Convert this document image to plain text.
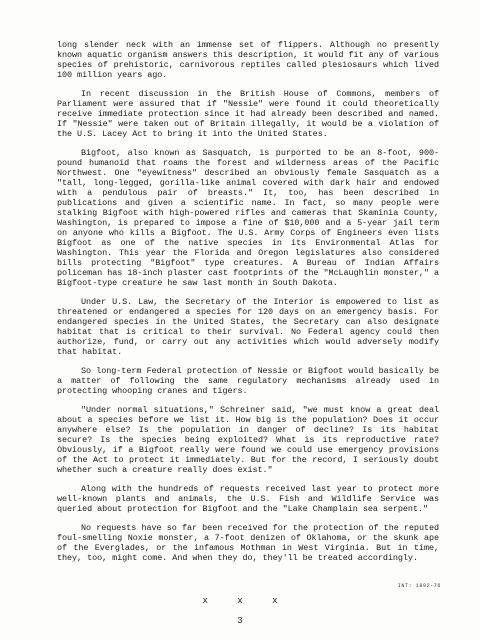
long slender neck with an immense set of flippers. Although no presently known aquatic organism answers this description, it would fit any of various species of prehistoric, carnivorous reptiles called plesiosaurs which lived 100 million years ago.

In recent discussion in the British House of Commons, members of Parliament were assured that if "Nessie" were found it could theoretically receive immediate protection since it had already been described and named. If "Nessie" were taken out of Britain illegally, it would be a violation of the U.S. Lacey Act to bring it into the United States.

Bigfoot, also known as Sasquatch, is purported to be an 8-foot, 900-pound humanoid that roams the forest and wilderness areas of the Pacific Northwest. One "eyewitness" described an obviously female Sasquatch as a "tall, long-legged, gorilla-like animal covered with dark hair and endowed with a pendulous pair of breasts." It, too, has been described in publications and given a scientific name. In fact, so many people were stalking Bigfoot with high-powered rifles and cameras that Skaminia County, Washington, is prepared to impose a fine of $10,000 and a 5-year jail term on anyone who kills a Bigfoot. The U.S. Army Corps of Engineers even lists Bigfoot as one of the native species in its Environmental Atlas for Washington. This year the Florida and Oregon legislatures also considered bills protecting "Bigfoot" type creatures. A Bureau of Indian Affairs policeman has 18-inch plaster cast footprints of the "McLaughlin monster," a Bigfoot-type creature he saw last month in South Dakota.

Under U.S. Law, the Secretary of the Interior is empowered to list as threatened or endangered a species for 120 days on an emergency basis. For endangered species in the United States, the Secretary can also designate habitat that is critical to their survival. No Federal agency could then authorize, fund, or carry out any activities which would adversely modify that habitat.

So long-term Federal protection of Nessie or Bigfoot would basically be a matter of following the same regulatory mechanisms already used in protecting whooping cranes and tigers.

"Under normal situations," Schreiner said, "we must know a great deal about a species before we list it. How big is the population? Does it occur anywhere else? Is the population in danger of decline? Is its habitat secure? Is the species being exploited? What is its reproductive rate? Obviously, if a Bigfoot really were found we could use emergency provisions of the Act to protect it immediately. But for the record, I seriously doubt whether such a creature really does exist."

Along with the hundreds of requests received last year to protect more well-known plants and animals, the U.S. Fish and Wildlife Service was queried about protection for Bigfoot and the "Lake Champlain sea serpent."

No requests have so far been received for the protection of the reputed foul-smelling Noxie monster, a 7-foot denizen of Oklahoma, or the skunk ape of the Everglades, or the infamous Mothman in West Virginia. But in time, they, too, might come. And when they do, they'll be treated accordingly.

INT: 1892-76
x	x	x
3
